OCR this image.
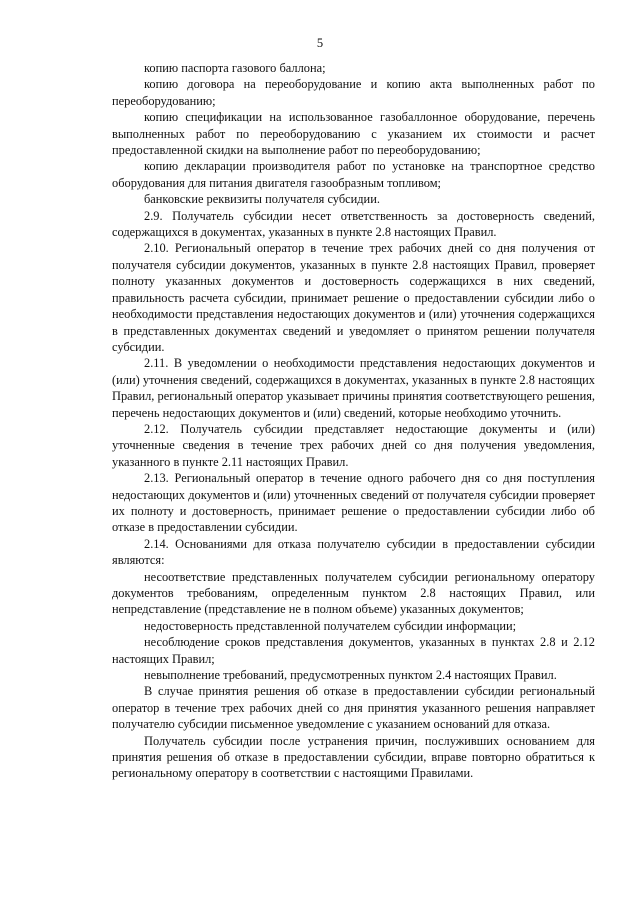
5

копию паспорта газового баллона;

копию договора на переоборудование и копию акта выполненных работ по переоборудованию;

копию спецификации на использованное газобаллонное оборудование, перечень выполненных работ по переоборудованию с указанием их стоимости и расчет предоставленной скидки на выполнение работ по переоборудованию;

копию декларации производителя работ по установке на транспортное средство оборудования для питания двигателя газообразным топливом;

банковские реквизиты получателя субсидии.

2.9. Получатель субсидии несет ответственность за достоверность сведений, содержащихся в документах, указанных в пункте 2.8 настоящих Правил.

2.10. Региональный оператор в течение трех рабочих дней со дня получения от получателя субсидии документов, указанных в пункте 2.8 настоящих Правил, проверяет полноту указанных документов и достоверность содержащихся в них сведений, правильность расчета субсидии, принимает решение о предоставлении субсидии либо о необходимости представления недостающих документов и (или) уточнения содержащихся в представленных документах сведений и уведомляет о принятом решении получателя субсидии.

2.11. В уведомлении о необходимости представления недостающих документов и (или) уточнения сведений, содержащихся в документах, указанных в пункте 2.8 настоящих Правил, региональный оператор указывает причины принятия соответствующего решения, перечень недостающих документов и (или) сведений, которые необходимо уточнить.

2.12. Получатель субсидии представляет недостающие документы и (или) уточненные сведения в течение трех рабочих дней со дня получения уведомления, указанного в пункте 2.11 настоящих Правил.

2.13. Региональный оператор в течение одного рабочего дня со дня поступления недостающих документов и (или) уточненных сведений от получателя субсидии проверяет их полноту и достоверность, принимает решение о предоставлении субсидии либо об отказе в предоставлении субсидии.

2.14. Основаниями для отказа получателю субсидии в предоставлении субсидии являются:

несоответствие представленных получателем субсидии региональному оператору документов требованиям, определенным пунктом 2.8 настоящих Правил, или непредставление (представление не в полном объеме) указанных документов;

недостоверность представленной получателем субсидии информации;

несоблюдение сроков представления документов, указанных в пунктах 2.8 и 2.12 настоящих Правил;

невыполнение требований, предусмотренных пунктом 2.4 настоящих Правил.

В случае принятия решения об отказе в предоставлении субсидии региональный оператор в течение трех рабочих дней со дня принятия указанного решения направляет получателю субсидии письменное уведомление с указанием оснований для отказа.

Получатель субсидии после устранения причин, послуживших основанием для принятия решения об отказе в предоставлении субсидии, вправе повторно обратиться к региональному оператору в соответствии с настоящими Правилами.
